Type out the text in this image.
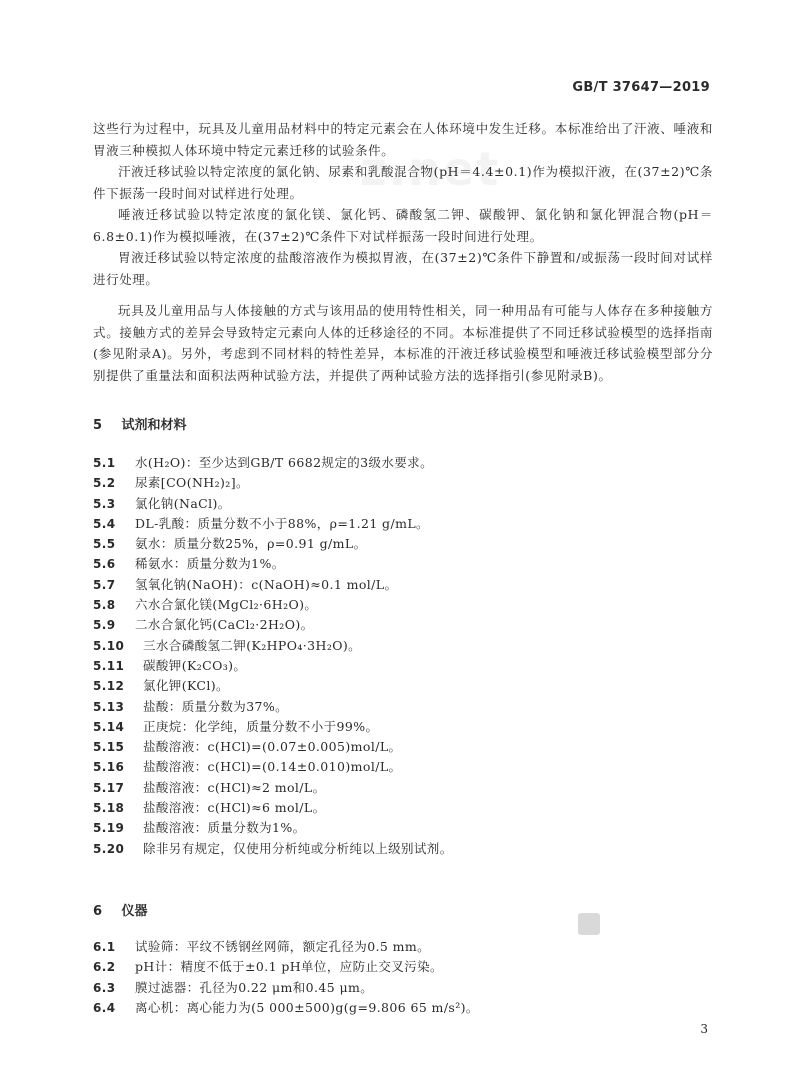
z.net
GB/T 37647—2019

这些行为过程中，玩具及儿童用品材料中的特定元素会在人体环境中发生迁移。本标准给出了汗液、唾液和胃液三种模拟人体环境中特定元素迁移的试验条件。

汗液迁移试验以特定浓度的氯化钠、尿素和乳酸混合物(pH＝4.4±0.1)作为模拟汗液，在(37±2)℃条件下振荡一段时间对试样进行处理。

唾液迁移试验以特定浓度的氯化镁、氯化钙、磷酸氢二钾、碳酸钾、氯化钠和氯化钾混合物(pH＝6.8±0.1)作为模拟唾液，在(37±2)℃条件下对试样振荡一段时间进行处理。

胃液迁移试验以特定浓度的盐酸溶液作为模拟胃液，在(37±2)℃条件下静置和/或振荡一段时间对试样进行处理。

玩具及儿童用品与人体接触的方式与该用品的使用特性相关，同一种用品有可能与人体存在多种接触方式。接触方式的差异会导致特定元素向人体的迁移途径的不同。本标准提供了不同迁移试验模型的选择指南(参见附录A)。另外，考虑到不同材料的特性差异，本标准的汗液迁移试验模型和唾液迁移试验模型部分分别提供了重量法和面积法两种试验方法，并提供了两种试验方法的选择指引(参见附录B)。

5 试剂和材料
5.1 水(H₂O)：至少达到GB/T 6682规定的3级水要求。
5.2 尿素[CO(NH₂)₂]。
5.3 氯化钠(NaCl)。
5.4 DL-乳酸：质量分数不小于88%，ρ=1.21 g/mL。
5.5 氨水：质量分数25%，ρ=0.91 g/mL。
5.6 稀氨水：质量分数为1%。
5.7 氢氧化钠(NaOH)：c(NaOH)≈0.1 mol/L。
5.8 六水合氯化镁(MgCl₂·6H₂O)。
5.9 二水合氯化钙(CaCl₂·2H₂O)。
5.10 三水合磷酸氢二钾(K₂HPO₄·3H₂O)。
5.11 碳酸钾(K₂CO₃)。
5.12 氯化钾(KCl)。
5.13 盐酸：质量分数为37%。
5.14 正庚烷：化学纯，质量分数不小于99%。
5.15 盐酸溶液：c(HCl)=(0.07±0.005)mol/L。
5.16 盐酸溶液：c(HCl)=(0.14±0.010)mol/L。
5.17 盐酸溶液：c(HCl)≈2 mol/L。
5.18 盐酸溶液：c(HCl)≈6 mol/L。
5.19 盐酸溶液：质量分数为1%。
5.20 除非另有规定，仅使用分析纯或分析纯以上级别试剂。
6 仪器
6.1 试验筛：平纹不锈钢丝网筛，额定孔径为0.5 mm。
6.2 pH计：精度不低于±0.1 pH单位，应防止交叉污染。
6.3 膜过滤器：孔径为0.22 μm和0.45 μm。
6.4 离心机：离心能力为(5 000±500)g(g=9.806 65 m/s²)。
3
